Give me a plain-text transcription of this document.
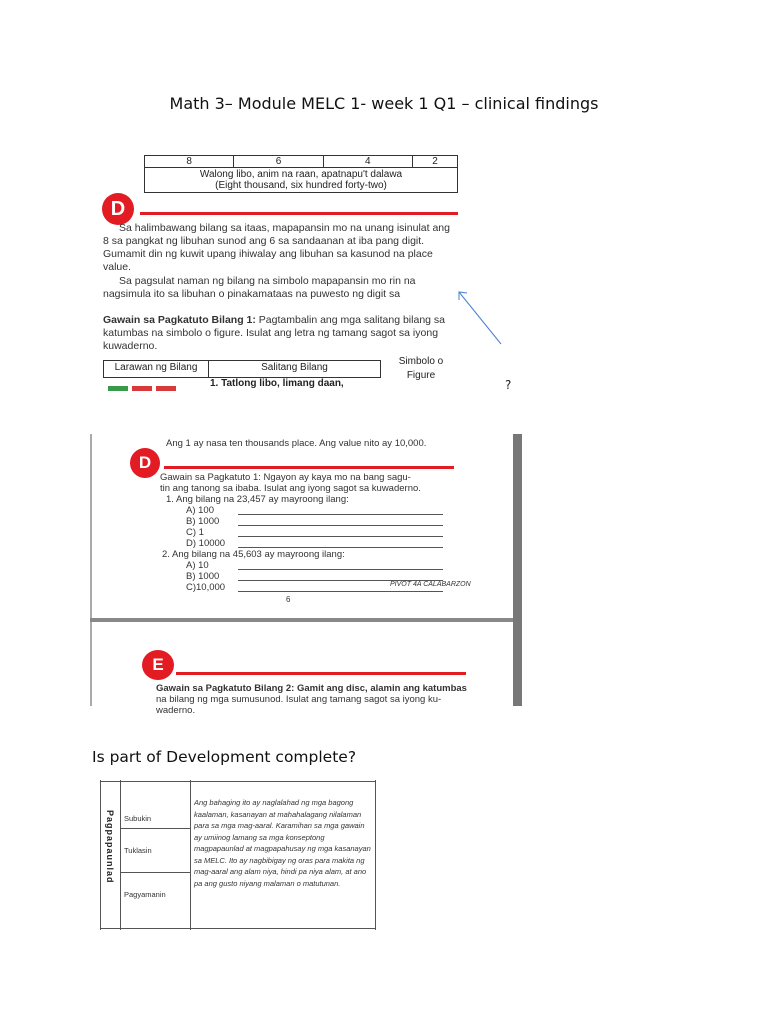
Math 3– Module MELC 1- week 1 Q1 – clinical findings
8	6	4	2

Walong libo, anim na raan, apatnapu't dalawa
(Eight thousand, six hundred forty-two)
D
Sa halimbawang bilang sa itaas, mapapansin mo na unang isinulat ang 8 sa pangkat ng libuhan sunod ang 6 sa sandaanan at iba pang digit. Gumamit din ng kuwit upang ihiwalay ang libuhan sa kasunod na place value.
Sa pagsulat naman ng bilang na simbolo mapapansin mo rin na nagsimula ito sa libuhan o pinakamataas na puwesto ng digit sa
Gawain sa Pagkatuto Bilang 1: Pagtambalin ang mga salitang bilang sa katumbas na simbolo o figure. Isulat ang letra ng tamang sagot sa iyong kuwaderno.
Larawan ng Bilang	Salitang Bilang
Simbolo o Figure
1. Tatlong libo, limang daan,	?
Ang 1 ay nasa ten thousands place. Ang value nito ay 10,000.
D
Gawain sa Pagkatuto 1: Ngayon ay kaya mo na bang sagu-
tin ang tanong sa ibaba. Isulat ang iyong sagot sa kuwaderno.
1. Ang bilang na 23,457 ay mayroong ilang:
A) 100
B) 1000
C) 1
D) 10000
2. Ang bilang na 45,603 ay mayroong ilang:
A) 10
B) 1000
C)10,000	PIVOT 4A CALABARZON
6
E
Gawain sa Pagkatuto Bilang 2: Gamit ang disc, alamin ang katumbas
na bilang ng mga sumusunod. Isulat ang tamang sagot sa iyong ku-
waderno.
Is part of Development complete?
Pagpapaunlad Subukin
Tuklasin
Pagyamanin
Ang bahaging ito ay naglalahad ng mga bagong kaalaman, kasanayan at mahahalagang nilalaman para sa mga mag-aaral. Karamihan sa mga gawain ay umiinog lamang sa mga konseptong magpapaunlad at magpapahusay ng mga kasanayan sa MELC. Ito ay nagbibigay ng oras para makita ng mag-aaral ang alam niya, hindi pa niya alam, at ano pa ang gusto niyang malaman o matutunan.
